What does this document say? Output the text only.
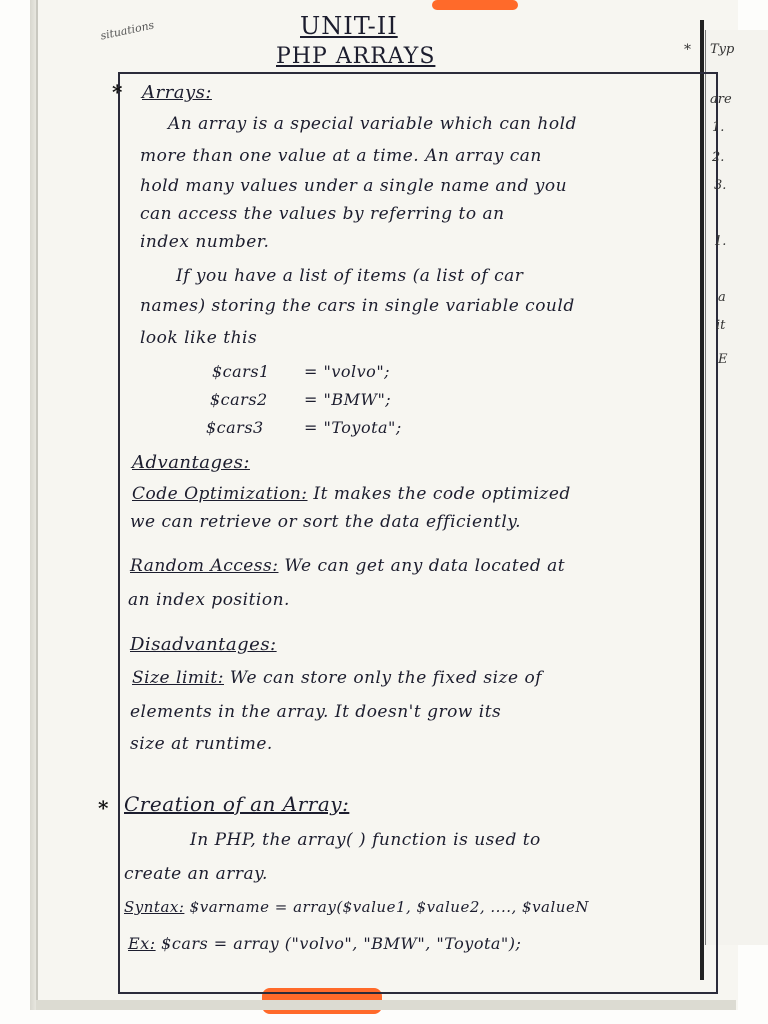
situations	UNIT-II
PHP ARRAYS
* Arrays:
An array is a special variable which can hold
more than one value at a time. An array can
hold many values under a single name and you
can access the values by referring to an
index number.
If you have a list of items (a list of car
names) storing the cars in single variable could
look like this
$cars1 = "volvo";
$cars2 = "BMW";
$cars3	= "Toyota";
Advantages:
Code Optimization: It makes the code optimized
we can retrieve or sort the data efficiently.
Random Access: We can get any data located at
an index position.
Disadvantages:
Size limit: We can store only the fixed size of
elements in the array. It doesn't grow its
size at runtime.
* Creation of an Array:
In PHP, the array( ) function is used to
create an array.
Syntax: $varname = array($value1, $value2, ...., $valueN
Ex: $cars = array ("volvo", "BMW", "Toyota");
* Typ
are
1.
2.
3.
1.
a
it
E
